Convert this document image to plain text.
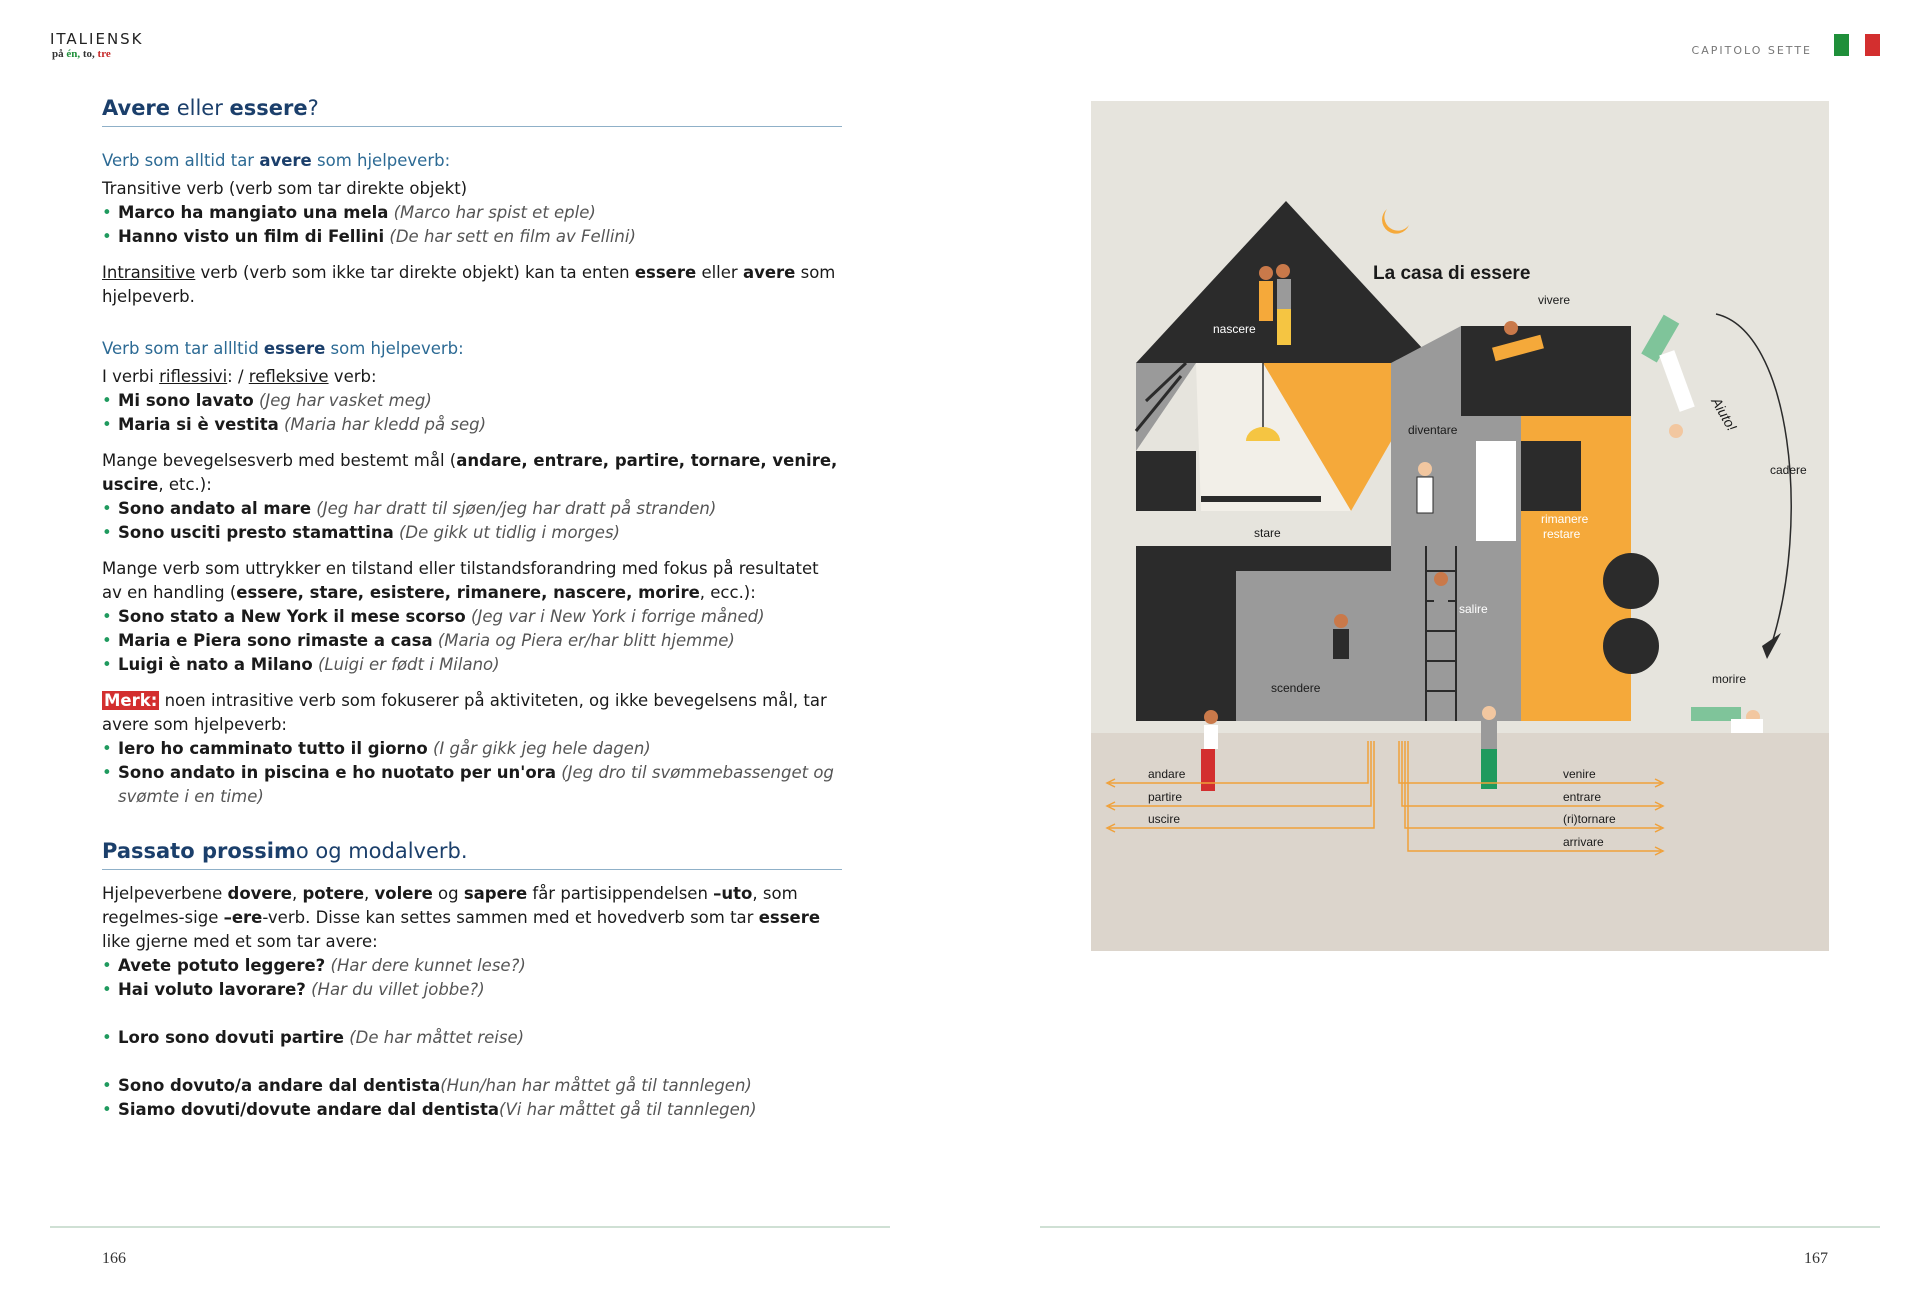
ITALIENSK
på én, to, tre	CAPITOLO SETTE
Avere eller essere?
Verb som alltid tar avere som hjelpeverb:

Transitive verb (verb som tar direkte objekt)

• Marco ha mangiato una mela (Marco har spist et eple)
• Hanno visto un film di Fellini (De har sett en film av Fellini)

Intransitive verb (verb som ikke tar direkte objekt) kan ta enten essere eller avere som hjelpeverb.

Verb som tar allltid essere som hjelpeverb:

I verbi riflessivi: / refleksive verb:

• Mi sono lavato (Jeg har vasket meg)
• Maria si è vestita (Maria har kledd på seg)

Mange bevegelsesverb med bestemt mål (andare, entrare, partire, tornare, venire, uscire, etc.):

• Sono andato al mare (Jeg har dratt til sjøen/jeg har dratt på stranden)
• Sono usciti presto stamattina (De gikk ut tidlig i morges)

Mange verb som uttrykker en tilstand eller tilstandsforandring med fokus på resultatet av en handling (essere, stare, esistere, rimanere, nascere, morire, ecc.):

• Sono stato a New York il mese scorso (Jeg var i New York i forrige måned)
• Maria e Piera sono rimaste a casa (Maria og Piera er/har blitt hjemme)
• Luigi è nato a Milano (Luigi er født i Milano)

Merk: noen intrasitive verb som fokuserer på aktiviteten, og ikke bevegelsens mål, tar avere som hjelpeverb:

• Iero ho camminato tutto il giorno (I går gikk jeg hele dagen)
• Sono andato in piscina e ho nuotato per un'ora (Jeg dro til svømmebassenget og svømte i en time)
Passato prossimo og modalverb.

Hjelpeverbene dovere, potere, volere og sapere får partisippendelsen –uto, som regelmes-sige –ere-verb. Disse kan settes sammen med et hovedverb som tar essere like gjerne med et som tar avere:

• Avete potuto leggere? (Har dere kunnet lese?)
• Hai voluto lavorare? (Har du villet jobbe?)
• Loro sono dovuti partire (De har måttet reise)
• Sono dovuto/a andare dal dentista(Hun/han har måttet gå til tannlegen)
• Siamo dovuti/dovute andare dal dentista(Vi har måttet gå til tannlegen)
La casa di essere
nascere
vivere
diventare
stare
rimanere
restare
salire
scendere
Aiuto!
cadere
morire
andare
partire
uscire
venire
entrare
(ri)tornare
arrivare
166	167
